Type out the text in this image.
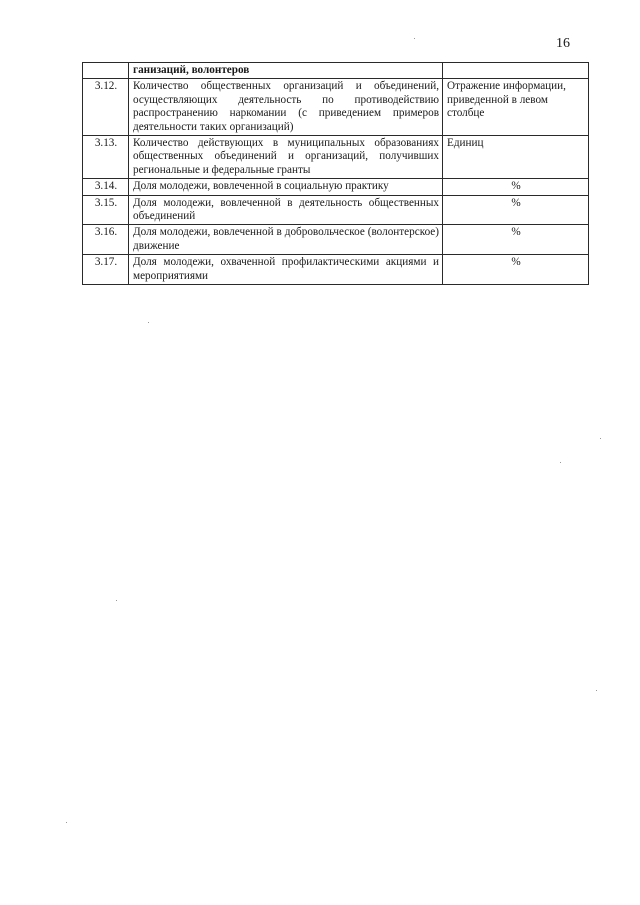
16
	ганизаций, волонтеров	
3.12.	Количество общественных организаций и объединений, осуществляющих деятельность по противодействию распространению наркомании (с приведением примеров деятельности таких организаций)	Отражение информации, приведенной в левом столбце
3.13.	Количество действующих в муниципальных образованиях общественных объединений и организаций, получивших региональные и федеральные гранты	Единиц
3.14.	Доля молодежи, вовлеченной в социальную практику	%
3.15.	Доля молодежи, вовлеченной в деятельность общественных объединений	%
3.16.	Доля молодежи, вовлеченной в добровольческое (волонтерское) движение	%
3.17.	Доля молодежи, охваченной профилактическими акциями и мероприятиями	%
